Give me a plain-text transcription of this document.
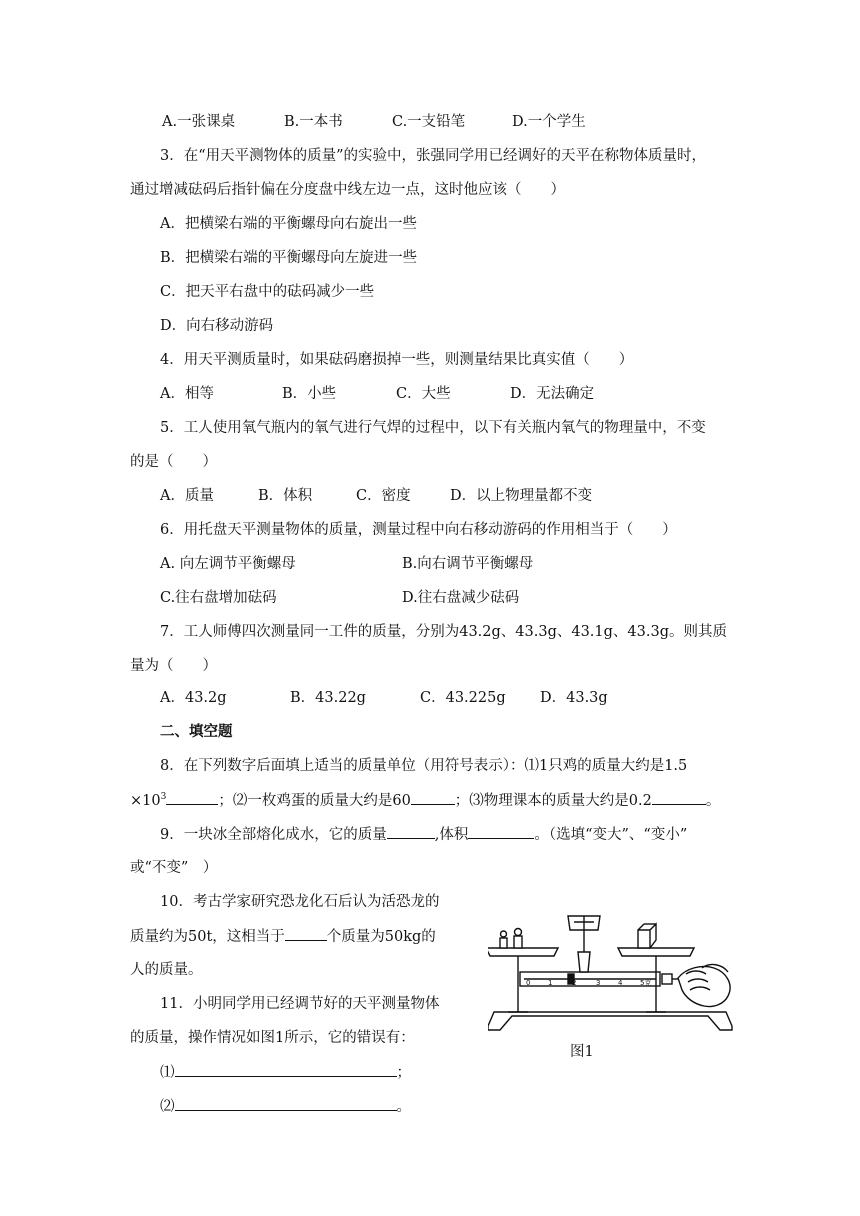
A.一张课桌	B.一本书	C.一支铅笔	D.一个学生
3．在“用天平测物体的质量”的实验中，张强同学用已经调好的天平在称物体质量时，
通过增减砝码后指针偏在分度盘中线左边一点，这时他应该（　　）
A．把横梁右端的平衡螺母向右旋出一些
B．把横梁右端的平衡螺母向左旋进一些
C．把天平右盘中的砝码减少一些
D．向右移动游码
4．用天平测质量时，如果砝码磨损掉一些，则测量结果比真实值（　　）
A．相等	B．小些	C．大些	D．无法确定
5．工人使用氧气瓶内的氧气进行气焊的过程中，以下有关瓶内氧气的物理量中，不变
的是（　　）
A．质量	B．体积	C．密度	D．以上物理量都不变
6．用托盘天平测量物体的质量，测量过程中向右移动游码的作用相当于（　　）
A. 向左调节平衡螺母	B.向右调节平衡螺母
C.往右盘增加砝码	D.往右盘减少砝码
7．工人师傅四次测量同一工件的质量，分别为43.2g、43.3g、43.1g、43.3g。则其质
量为（　　）
A．43.2g	B．43.22g	C．43.225g D．43.3g
二、填空题
8．在下列数字后面填上适当的质量单位（用符号表示）：⑴1只鸡的质量大约是1.5
$\times 10^3$	；⑵一枚鸡蛋的质量大约是60	；⑶物理课本的质量大约是0.2	。
9．一块冰全部熔化成水，它的质量	,体积	。（选填“变大”、“变小”
或“不变”　）
10．考古学家研究恐龙化石后认为活恐龙的
质量约为50t，这相当于	个质量为50kg的
人的质量。
11．小明同学用已经调节好的天平测量物体
的质量，操作情况如图1所示，它的错误有：
⑴	；
⑵	。
0	1	2	3	4	5克
图1
